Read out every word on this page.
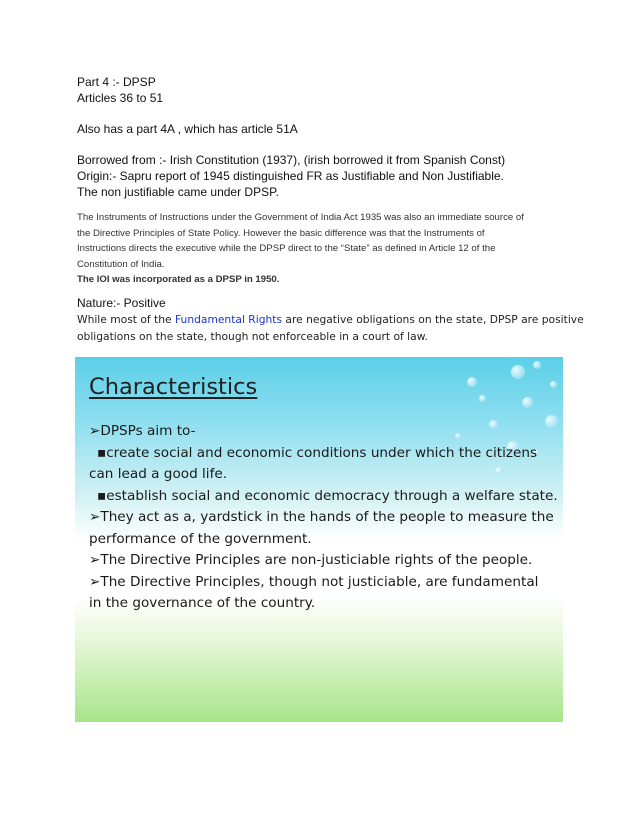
Part 4 :- DPSP
Articles 36 to 51
Also has a part 4A , which has article 51A
Borrowed from :- Irish Constitution (1937), (irish borrowed it from Spanish Const)
Origin:- Sapru report of 1945 distinguished FR as Justifiable and Non Justifiable.
The non justifiable came under DPSP.
The Instruments of Instructions under the Government of India Act 1935 was also an immediate source of
the Directive Principles of State Policy. However the basic difference was that the Instruments of
Instructions directs the executive while the DPSP direct to the “State” as defined in Article 12 of the
Constitution of India.
The IOI was incorporated as a DPSP in 1950.
Nature:- Positive
While most of the Fundamental Rights are negative obligations on the state, DPSP are positive
obligations on the state, though not enforceable in a court of law.
Characteristics
➢DPSPs aim to-
▪create social and economic conditions under which the citizens
can lead a good life.
▪establish social and economic democracy through a welfare state.
➢They act as a, yardstick in the hands of the people to measure the
performance of the government.
➢The Directive Principles are non-justiciable rights of the people.
➢The Directive Principles, though not justiciable, are fundamental
in the governance of the country.
